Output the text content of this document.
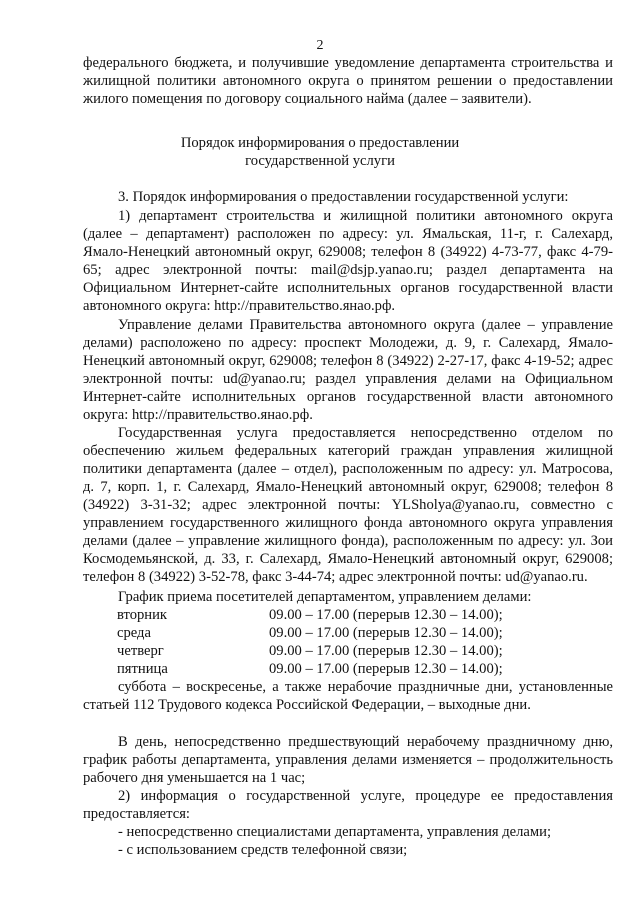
2

федерального бюджета, и получившие уведомление департамента строительства и жилищной политики автономного округа о принятом решении о предоставлении жилого помещения по договору социального найма (далее – заявители).

Порядок информирования о предоставлении
государственной услуги

3. Порядок информирования о предоставлении государственной услуги:

1) департамент строительства и жилищной политики автономного округа (далее – департамент) расположен по адресу: ул. Ямальская, 11-г, г. Салехард, Ямало-Ненецкий автономный округ, 629008; телефон 8 (34922) 4-73-77, факс 4-79-65; адрес электронной почты: mail@dsjp.yanao.ru; раздел департамента на Официальном Интернет-сайте исполнительных органов государственной власти автономного округа: http://правительство.янао.рф.

Управление делами Правительства автономного округа (далее – управление делами) расположено по адресу: проспект Молодежи, д. 9, г. Салехард, Ямало-Ненецкий автономный округ, 629008; телефон 8 (34922) 2-27-17, факс 4-19-52; адрес электронной почты: ud@yanao.ru; раздел управления делами на Официальном Интернет-сайте исполнительных органов государственной власти автономного округа: http://правительство.янао.рф.

Государственная услуга предоставляется непосредственно отделом по обеспечению жильем федеральных категорий граждан управления жилищной политики департамента (далее – отдел), расположенным по адресу: ул. Матросова, д. 7, корп. 1, г. Салехард, Ямало-Ненецкий автономный округ, 629008; телефон 8 (34922) 3-31-32; адрес электронной почты: YLSholya@yanao.ru, совместно с управлением государственного жилищного фонда автономного округа управления делами (далее – управление жилищного фонда), расположенным по адресу: ул. Зои Космодемьянской, д. 33, г. Салехард, Ямало-Ненецкий автономный округ, 629008; телефон 8 (34922) 3-52-78, факс 3-44-74; адрес электронной почты: ud@yanao.ru.

График приема посетителей департаментом, управлением делами:

вторник	09.00 – 17.00 (перерыв 12.30 – 14.00);
среда	09.00 – 17.00 (перерыв 12.30 – 14.00);
четверг	09.00 – 17.00 (перерыв 12.30 – 14.00);
пятница	09.00 – 17.00 (перерыв 12.30 – 14.00);

суббота – воскресенье, а также нерабочие праздничные дни, установленные статьей 112 Трудового кодекса Российской Федерации, – выходные дни.

В день, непосредственно предшествующий нерабочему праздничному дню, график работы департамента, управления делами изменяется – продолжительность рабочего дня уменьшается на 1 час;

2) информация о государственной услуге, процедуре ее предоставления предоставляется:

- непосредственно специалистами департамента, управления делами;

- с использованием средств телефонной связи;
